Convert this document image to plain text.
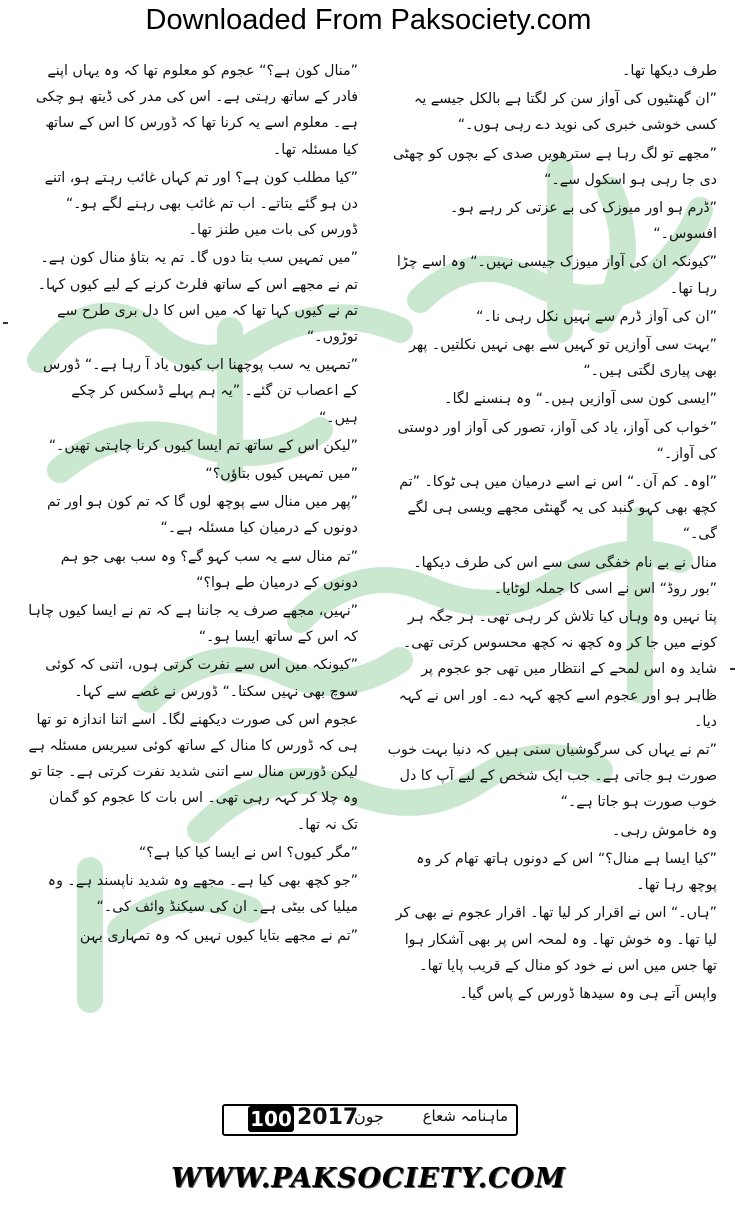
Downloaded From Paksociety.com

طرف دیکھا تھا۔

”ان گھنٹیوں کی آواز سن کر لگتا ہے بالکل جیسے یہ کسی خوشی خبری کی نوید دے رہی ہوں۔“

”مجھے تو لگ رہا ہے سترھویں صدی کے بچوں کو چھٹی دی جا رہی ہو اسکول سے۔“

”ڈرم ہو اور میوزک کی بے عزتی کر رہے ہو۔ افسوس۔“

”کیونکہ ان کی آواز میوزک جیسی نہیں۔“ وہ اسے چڑا رہا تھا۔

”ان کی آواز ڈرم سے نہیں نکل رہی نا۔“

”بہت سی آوازیں تو کہیں سے بھی نہیں نکلتیں۔ پھر بھی پیاری لگتی ہیں۔“

”ایسی کون سی آوازیں ہیں۔“ وہ ہنسنے لگا۔

”خواب کی آواز، یاد کی آواز، تصور کی آواز اور دوستی کی آواز۔“

”اوہ۔ کم آن۔“ اس نے اسے درمیان میں ہی ٹوکا۔ ”تم کچھ بھی کہو گنبد کی یہ گھنٹی مجھے ویسی ہی لگے گی۔“

منال نے بے نام خفگی سی سے اس کی طرف دیکھا۔ ”بور روڈ“ اس نے اسی کا جملہ لوٹایا۔

پتا نہیں وہ وہاں کیا تلاش کر رہی تھی۔ ہر جگہ ہر کونے میں جا کر وہ کچھ نہ کچھ محسوس کرتی تھی۔ شاید وہ اس لمحے کے انتظار میں تھی جو عجوم پر ظاہر ہو اور عجوم اسے کچھ کہہ دے۔ اور اس نے کہہ دیا۔

”تم نے یہاں کی سرگوشیاں سنی ہیں کہ دنیا بہت خوب صورت ہو جاتی ہے۔ جب ایک شخص کے لیے آپ کا دل خوب صورت ہو جاتا ہے۔“

وہ خاموش رہی۔

”کیا ایسا ہے منال؟“ اس کے دونوں ہاتھ تھام کر وہ پوچھ رہا تھا۔

”ہاں۔“ اس نے اقرار کر لیا تھا۔ اقرار عجوم نے بھی کر لیا تھا۔ وہ خوش تھا۔ وہ لمحہ اس پر بھی آشکار ہوا تھا جس میں اس نے خود کو منال کے قریب پایا تھا۔

واپس آتے ہی وہ سیدھا ڈورس کے پاس گیا۔

”منال کون ہے؟“ عجوم کو معلوم تھا کہ وہ یہاں اپنے فادر کے ساتھ رہتی ہے۔ اس کی مدر کی ڈیتھ ہو چکی ہے۔ معلوم اسے یہ کرنا تھا کہ ڈورس کا اس کے ساتھ کیا مسئلہ تھا۔

”کیا مطلب کون ہے؟ اور تم کہاں غائب رہتے ہو، اتنے دن ہو گئے بتاتے۔ اب تم غائب بھی رہنے لگے ہو۔“ ڈورس کی بات میں طنز تھا۔

”میں تمہیں سب بتا دوں گا۔ تم یہ بتاؤ منال کون ہے۔ تم نے مجھے اس کے ساتھ فلرٹ کرنے کے لیے کیوں کہا۔ تم نے کیوں کہا تھا کہ میں اس کا دل بری طرح سے توڑوں۔“

”تمہیں یہ سب پوچھنا اب کیوں یاد آ رہا ہے۔“ ڈورس کے اعصاب تن گئے۔ ”یہ ہم پہلے ڈسکس کر چکے ہیں۔“

”لیکن اس کے ساتھ تم ایسا کیوں کرنا چاہتی تھیں۔“

”میں تمہیں کیوں بتاؤں؟“

”پھر میں منال سے پوچھ لوں گا کہ تم کون ہو اور تم دونوں کے درمیان کیا مسئلہ ہے۔“

”تم منال سے یہ سب کہو گے؟ وہ سب بھی جو ہم دونوں کے درمیان طے ہوا؟“

”نہیں، مجھے صرف یہ جاننا ہے کہ تم نے ایسا کیوں چاہا کہ اس کے ساتھ ایسا ہو۔“

”کیونکہ میں اس سے نفرت کرتی ہوں، اتنی کہ کوئی سوچ بھی نہیں سکتا۔“ ڈورس نے غصے سے کہا۔

عجوم اس کی صورت دیکھنے لگا۔ اسے اتنا اندازہ تو تھا ہی کہ ڈورس کا منال کے ساتھ کوئی سیریس مسئلہ ہے لیکن ڈورس منال سے اتنی شدید نفرت کرتی ہے۔ جتا تو وہ چلا کر کہہ رہی تھی۔ اس بات کا عجوم کو گمان تک نہ تھا۔

”مگر کیوں؟ اس نے ایسا کیا کیا ہے؟“

”جو کچھ بھی کیا ہے۔ مجھے وہ شدید ناپسند ہے۔ وہ میلیا کی بیٹی ہے۔ ان کی سیکنڈ وائف کی۔“

”تم نے مجھے بتایا کیوں نہیں کہ وہ تمہاری بہن

100 2017
جون	ماہنامہ شعاع
WWW.PAKSOCIETY.COM
